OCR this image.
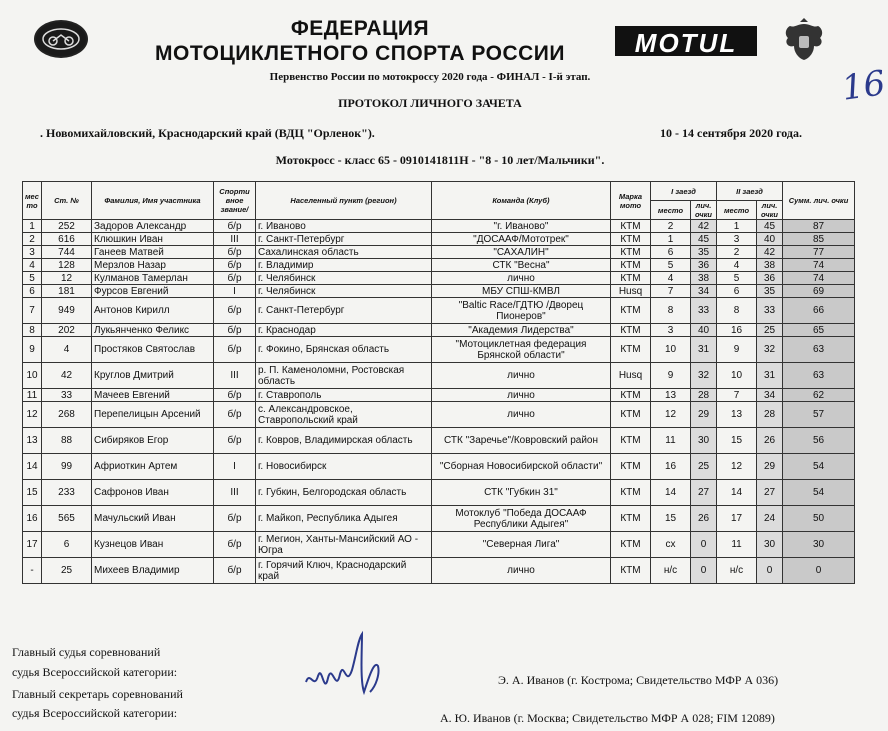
ФЕДЕРАЦИЯ
МОТОЦИКЛЕТНОГО СПОРТА РОССИИ	MOTUL
16
Первенство России по мотокроссу 2020 года - ФИНАЛ - I-й этап.
ПРОТОКОЛ ЛИЧНОГО ЗАЧЕТА
. Новомихайловский, Краснодарский край (ВДЦ "Орленок").	10 - 14 сентября 2020 года.
Мотокросс - класс 65 - 0910141811Н - "8 - 10 лет/Мальчики".
мес то	Ст. №	Фамилия, Имя участника	Спорти вное звание/	Населенный пункт (регион)	Команда (Клуб)	Марка мото	I заезд		II заезд		Сумм. лич. очки
							место	лич. очки	место	лич. очки	
1	252	Задоров Александр	б/р	г. Иваново	"г. Иваново"	КТМ	2	42	1	45	87
2	616	Клюшкин Иван	III	г. Санкт-Петербург	"ДОСААФ/Мототрек"	КТМ	1	45	3	40	85
3	744	Ганеев Матвей	б/р	Сахалинская область	"САХАЛИН"	КТМ	6	35	2	42	77
4	128	Мерзлов Назар	б/р	г. Владимир	СТК "Весна"	КТМ	5	36	4	38	74
5	12	Кулманов Тамерлан	б/р	г. Челябинск	лично	КТМ	4	38	5	36	74
6	181	Фурсов Евгений	I	г. Челябинск	МБУ СПШ-КМВЛ	Husq	7	34	6	35	69
7	949	Антонов Кирилл	б/р	г. Санкт-Петербург	"Baltic Race/ГДТЮ /Дворец Пионеров"	КТМ	8	33	8	33	66
8	202	Лукьянченко Феликс	б/р	г. Краснодар	"Академия Лидерства"	КТМ	3	40	16	25	65
9	4	Простяков Святослав	б/р	г. Фокино, Брянская область	"Мотоциклетная федерация Брянской области"	КТМ	10	31	9	32	63
10	42	Круглов Дмитрий	III	р. П. Каменоломни, Ростовская область	лично	Husq	9	32	10	31	63
11	33	Мачеев Евгений	б/р	г. Ставрополь	лично	КТМ	13	28	7	34	62
12	268	Перепелицын Арсений	б/р	с. Александровское, Ставропольский край	лично	КТМ	12	29	13	28	57
13	88	Сибиряков Егор	б/р	г. Ковров, Владимирская область	СТК "Заречье"/Ковровский район	КТМ	11	30	15	26	56
14	99	Африоткин Артем	I	г. Новосибирск	"Сборная Новосибирской области"	КТМ	16	25	12	29	54
15	233	Сафронов Иван	III	г. Губкин, Белгородская область	СТК "Губкин 31"	КТМ	14	27	14	27	54
16	565	Мачульский Иван	б/р	г. Майкоп, Республика Адыгея	Мотоклуб "Победа ДОСААФ Республики Адыгея"	КТМ	15	26	17	24	50
17	6	Кузнецов Иван	б/р	г. Мегион, Ханты-Мансийский АО - Югра	"Северная Лига"	КТМ	сх	0	11	30	30
-	25	Михеев Владимир	б/р	г. Горячий Ключ, Краснодарский край	лично	КТМ	н/с	0	н/с	0	0
Главный судья соревнований
судья Всероссийской категории:
Э. А. Иванов (г. Кострома; Свидетельство МФР А 036)
Главный секретарь соревнований
судья Всероссийской категории:	А. Ю. Иванов (г. Москва; Свидетельство МФР А 028; FIM 12089)
